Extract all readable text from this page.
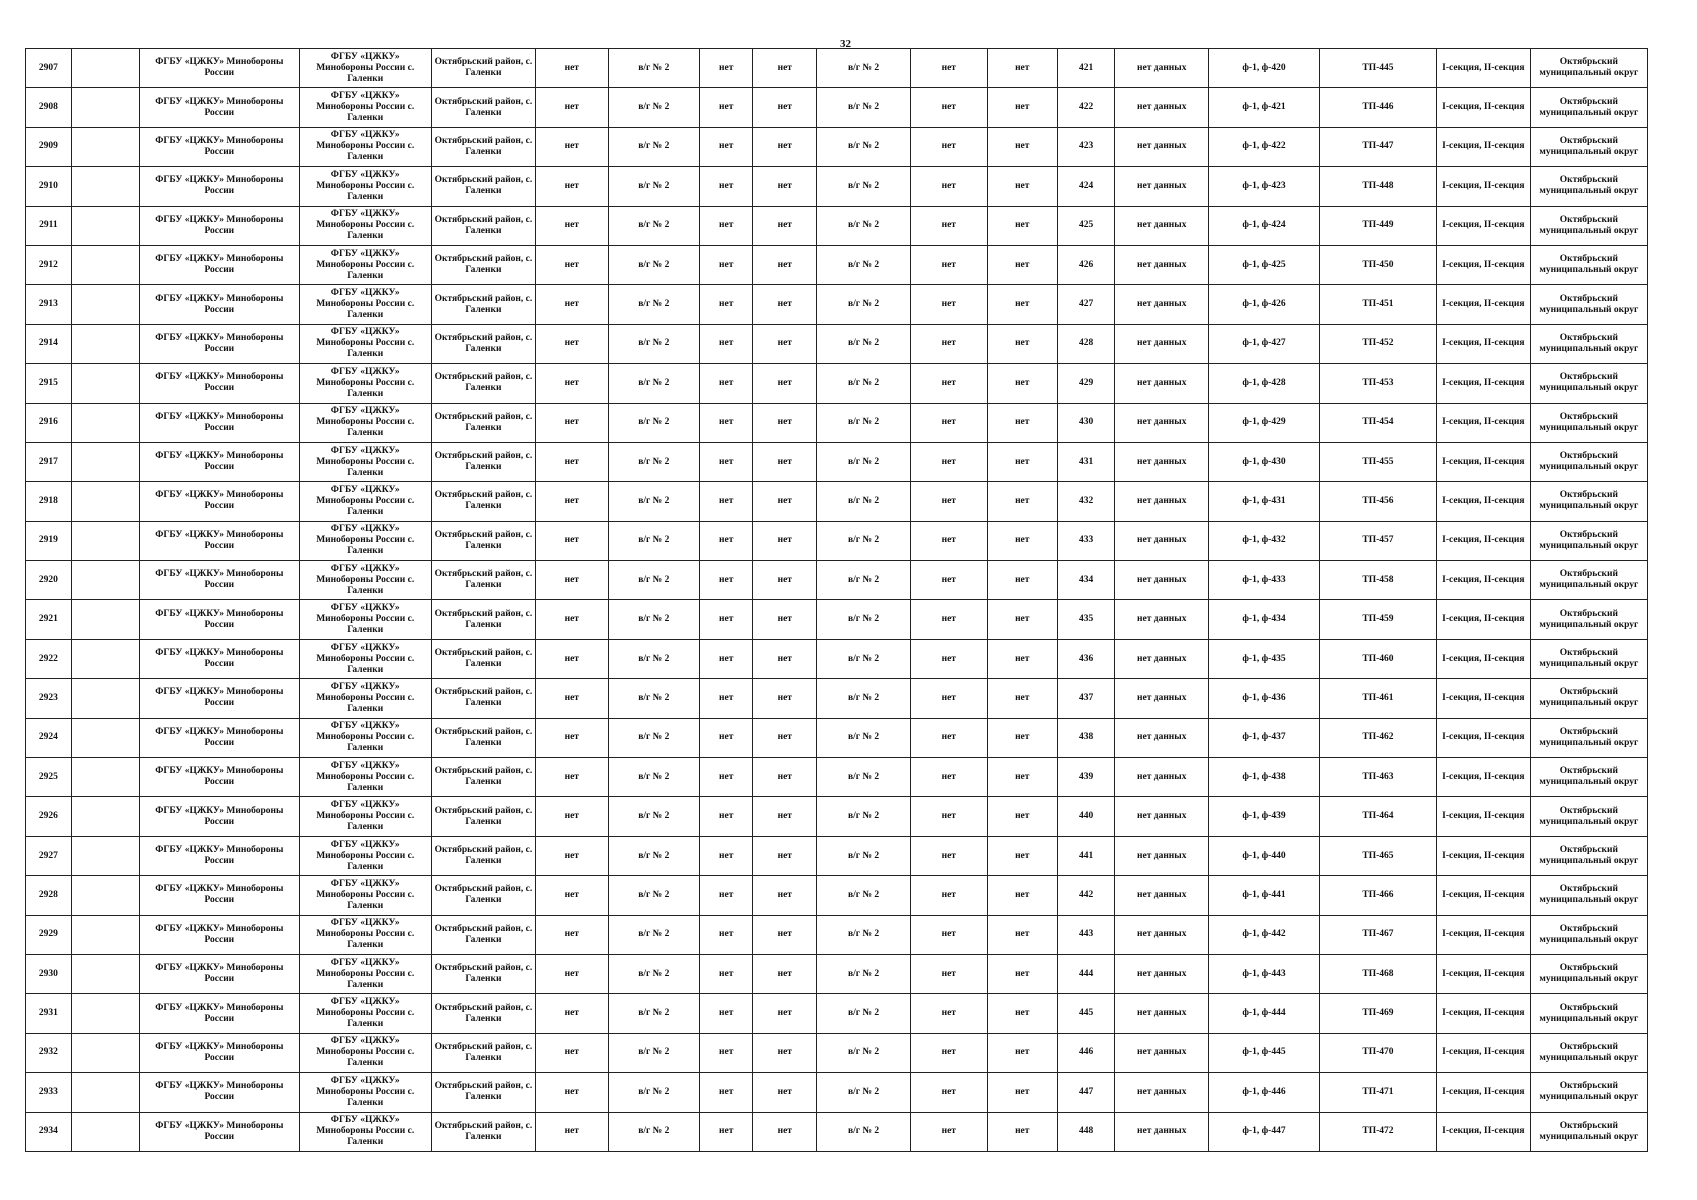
32
2907		ФГБУ «ЦЖКУ» Минобороны России	ФГБУ «ЦЖКУ» Минобороны России с. Галенки	Октябрьский район, с. Галенки	нет	в/г № 2	нет	нет	в/г № 2	нет	нет	421	нет данных	ф-1, ф-420	ТП-445	I-секция, II-секция	Октябрьский муниципальный округ
2908		ФГБУ «ЦЖКУ» Минобороны России	ФГБУ «ЦЖКУ» Минобороны России с. Галенки	Октябрьский район, с. Галенки	нет	в/г № 2	нет	нет	в/г № 2	нет	нет	422	нет данных	ф-1, ф-421	ТП-446	I-секция, II-секция	Октябрьский муниципальный округ
2909		ФГБУ «ЦЖКУ» Минобороны России	ФГБУ «ЦЖКУ» Минобороны России с. Галенки	Октябрьский район, с. Галенки	нет	в/г № 2	нет	нет	в/г № 2	нет	нет	423	нет данных	ф-1, ф-422	ТП-447	I-секция, II-секция	Октябрьский муниципальный округ
2910		ФГБУ «ЦЖКУ» Минобороны России	ФГБУ «ЦЖКУ» Минобороны России с. Галенки	Октябрьский район, с. Галенки	нет	в/г № 2	нет	нет	в/г № 2	нет	нет	424	нет данных	ф-1, ф-423	ТП-448	I-секция, II-секция	Октябрьский муниципальный округ
2911		ФГБУ «ЦЖКУ» Минобороны России	ФГБУ «ЦЖКУ» Минобороны России с. Галенки	Октябрьский район, с. Галенки	нет	в/г № 2	нет	нет	в/г № 2	нет	нет	425	нет данных	ф-1, ф-424	ТП-449	I-секция, II-секция	Октябрьский муниципальный округ
2912		ФГБУ «ЦЖКУ» Минобороны России	ФГБУ «ЦЖКУ» Минобороны России с. Галенки	Октябрьский район, с. Галенки	нет	в/г № 2	нет	нет	в/г № 2	нет	нет	426	нет данных	ф-1, ф-425	ТП-450	I-секция, II-секция	Октябрьский муниципальный округ
2913		ФГБУ «ЦЖКУ» Минобороны России	ФГБУ «ЦЖКУ» Минобороны России с. Галенки	Октябрьский район, с. Галенки	нет	в/г № 2	нет	нет	в/г № 2	нет	нет	427	нет данных	ф-1, ф-426	ТП-451	I-секция, II-секция	Октябрьский муниципальный округ
2914		ФГБУ «ЦЖКУ» Минобороны России	ФГБУ «ЦЖКУ» Минобороны России с. Галенки	Октябрьский район, с. Галенки	нет	в/г № 2	нет	нет	в/г № 2	нет	нет	428	нет данных	ф-1, ф-427	ТП-452	I-секция, II-секция	Октябрьский муниципальный округ
2915		ФГБУ «ЦЖКУ» Минобороны России	ФГБУ «ЦЖКУ» Минобороны России с. Галенки	Октябрьский район, с. Галенки	нет	в/г № 2	нет	нет	в/г № 2	нет	нет	429	нет данных	ф-1, ф-428	ТП-453	I-секция, II-секция	Октябрьский муниципальный округ
2916		ФГБУ «ЦЖКУ» Минобороны России	ФГБУ «ЦЖКУ» Минобороны России с. Галенки	Октябрьский район, с. Галенки	нет	в/г № 2	нет	нет	в/г № 2	нет	нет	430	нет данных	ф-1, ф-429	ТП-454	I-секция, II-секция	Октябрьский муниципальный округ
2917		ФГБУ «ЦЖКУ» Минобороны России	ФГБУ «ЦЖКУ» Минобороны России с. Галенки	Октябрьский район, с. Галенки	нет	в/г № 2	нет	нет	в/г № 2	нет	нет	431	нет данных	ф-1, ф-430	ТП-455	I-секция, II-секция	Октябрьский муниципальный округ
2918		ФГБУ «ЦЖКУ» Минобороны России	ФГБУ «ЦЖКУ» Минобороны России с. Галенки	Октябрьский район, с. Галенки	нет	в/г № 2	нет	нет	в/г № 2	нет	нет	432	нет данных	ф-1, ф-431	ТП-456	I-секция, II-секция	Октябрьский муниципальный округ
2919		ФГБУ «ЦЖКУ» Минобороны России	ФГБУ «ЦЖКУ» Минобороны России с. Галенки	Октябрьский район, с. Галенки	нет	в/г № 2	нет	нет	в/г № 2	нет	нет	433	нет данных	ф-1, ф-432	ТП-457	I-секция, II-секция	Октябрьский муниципальный округ
2920		ФГБУ «ЦЖКУ» Минобороны России	ФГБУ «ЦЖКУ» Минобороны России с. Галенки	Октябрьский район, с. Галенки	нет	в/г № 2	нет	нет	в/г № 2	нет	нет	434	нет данных	ф-1, ф-433	ТП-458	I-секция, II-секция	Октябрьский муниципальный округ
2921		ФГБУ «ЦЖКУ» Минобороны России	ФГБУ «ЦЖКУ» Минобороны России с. Галенки	Октябрьский район, с. Галенки	нет	в/г № 2	нет	нет	в/г № 2	нет	нет	435	нет данных	ф-1, ф-434	ТП-459	I-секция, II-секция	Октябрьский муниципальный округ
2922		ФГБУ «ЦЖКУ» Минобороны России	ФГБУ «ЦЖКУ» Минобороны России с. Галенки	Октябрьский район, с. Галенки	нет	в/г № 2	нет	нет	в/г № 2	нет	нет	436	нет данных	ф-1, ф-435	ТП-460	I-секция, II-секция	Октябрьский муниципальный округ
2923		ФГБУ «ЦЖКУ» Минобороны России	ФГБУ «ЦЖКУ» Минобороны России с. Галенки	Октябрьский район, с. Галенки	нет	в/г № 2	нет	нет	в/г № 2	нет	нет	437	нет данных	ф-1, ф-436	ТП-461	I-секция, II-секция	Октябрьский муниципальный округ
2924		ФГБУ «ЦЖКУ» Минобороны России	ФГБУ «ЦЖКУ» Минобороны России с. Галенки	Октябрьский район, с. Галенки	нет	в/г № 2	нет	нет	в/г № 2	нет	нет	438	нет данных	ф-1, ф-437	ТП-462	I-секция, II-секция	Октябрьский муниципальный округ
2925		ФГБУ «ЦЖКУ» Минобороны России	ФГБУ «ЦЖКУ» Минобороны России с. Галенки	Октябрьский район, с. Галенки	нет	в/г № 2	нет	нет	в/г № 2	нет	нет	439	нет данных	ф-1, ф-438	ТП-463	I-секция, II-секция	Октябрьский муниципальный округ
2926		ФГБУ «ЦЖКУ» Минобороны России	ФГБУ «ЦЖКУ» Минобороны России с. Галенки	Октябрьский район, с. Галенки	нет	в/г № 2	нет	нет	в/г № 2	нет	нет	440	нет данных	ф-1, ф-439	ТП-464	I-секция, II-секция	Октябрьский муниципальный округ
2927		ФГБУ «ЦЖКУ» Минобороны России	ФГБУ «ЦЖКУ» Минобороны России с. Галенки	Октябрьский район, с. Галенки	нет	в/г № 2	нет	нет	в/г № 2	нет	нет	441	нет данных	ф-1, ф-440	ТП-465	I-секция, II-секция	Октябрьский муниципальный округ
2928		ФГБУ «ЦЖКУ» Минобороны России	ФГБУ «ЦЖКУ» Минобороны России с. Галенки	Октябрьский район, с. Галенки	нет	в/г № 2	нет	нет	в/г № 2	нет	нет	442	нет данных	ф-1, ф-441	ТП-466	I-секция, II-секция	Октябрьский муниципальный округ
2929		ФГБУ «ЦЖКУ» Минобороны России	ФГБУ «ЦЖКУ» Минобороны России с. Галенки	Октябрьский район, с. Галенки	нет	в/г № 2	нет	нет	в/г № 2	нет	нет	443	нет данных	ф-1, ф-442	ТП-467	I-секция, II-секция	Октябрьский муниципальный округ
2930		ФГБУ «ЦЖКУ» Минобороны России	ФГБУ «ЦЖКУ» Минобороны России с. Галенки	Октябрьский район, с. Галенки	нет	в/г № 2	нет	нет	в/г № 2	нет	нет	444	нет данных	ф-1, ф-443	ТП-468	I-секция, II-секция	Октябрьский муниципальный округ
2931		ФГБУ «ЦЖКУ» Минобороны России	ФГБУ «ЦЖКУ» Минобороны России с. Галенки	Октябрьский район, с. Галенки	нет	в/г № 2	нет	нет	в/г № 2	нет	нет	445	нет данных	ф-1, ф-444	ТП-469	I-секция, II-секция	Октябрьский муниципальный округ
2932		ФГБУ «ЦЖКУ» Минобороны России	ФГБУ «ЦЖКУ» Минобороны России с. Галенки	Октябрьский район, с. Галенки	нет	в/г № 2	нет	нет	в/г № 2	нет	нет	446	нет данных	ф-1, ф-445	ТП-470	I-секция, II-секция	Октябрьский муниципальный округ
2933		ФГБУ «ЦЖКУ» Минобороны России	ФГБУ «ЦЖКУ» Минобороны России с. Галенки	Октябрьский район, с. Галенки	нет	в/г № 2	нет	нет	в/г № 2	нет	нет	447	нет данных	ф-1, ф-446	ТП-471	I-секция, II-секция	Октябрьский муниципальный округ
2934		ФГБУ «ЦЖКУ» Минобороны России	ФГБУ «ЦЖКУ» Минобороны России с. Галенки	Октябрьский район, с. Галенки	нет	в/г № 2	нет	нет	в/г № 2	нет	нет	448	нет данных	ф-1, ф-447	ТП-472	I-секция, II-секция	Октябрьский муниципальный округ
